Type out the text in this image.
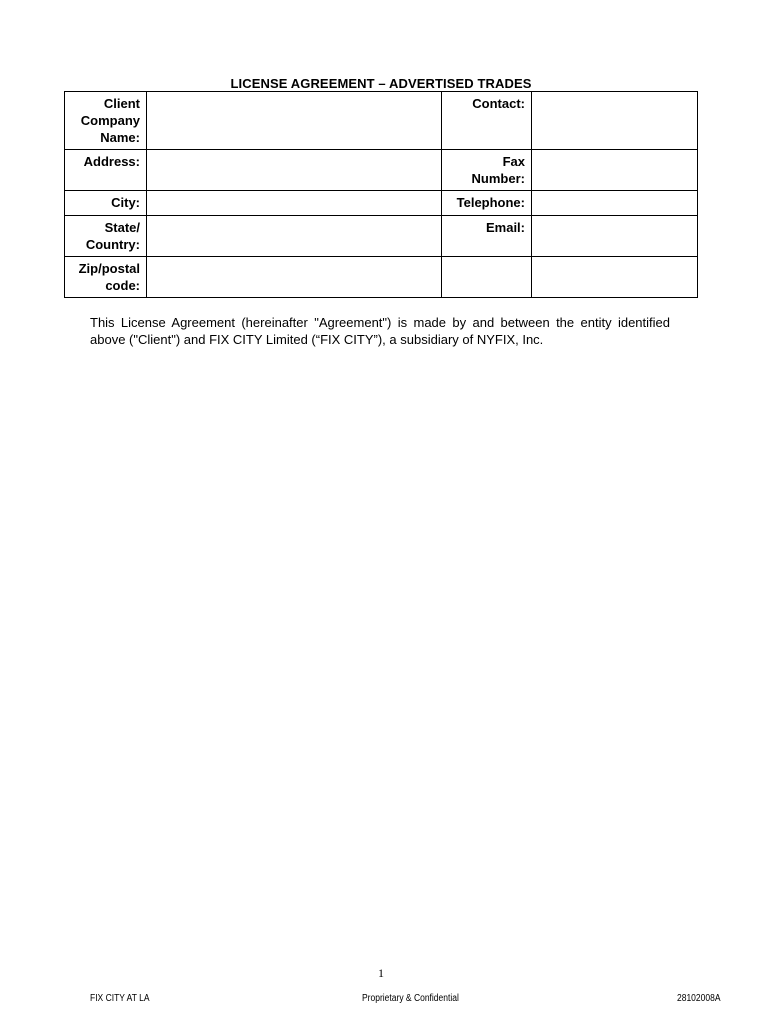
LICENSE AGREEMENT – ADVERTISED TRADES
Client Company Name:		Contact:	
Address:		Fax Number:	
City:		Telephone:	
State/ Country:		Email:	
Zip/postal code:			

This License Agreement (hereinafter "Agreement") is made by and between the entity identified above ("Client") and FIX CITY Limited (“FIX CITY”), a subsidiary of NYFIX, Inc.

1
FIX CITY AT LA	Proprietary & Confidential	28102008A
